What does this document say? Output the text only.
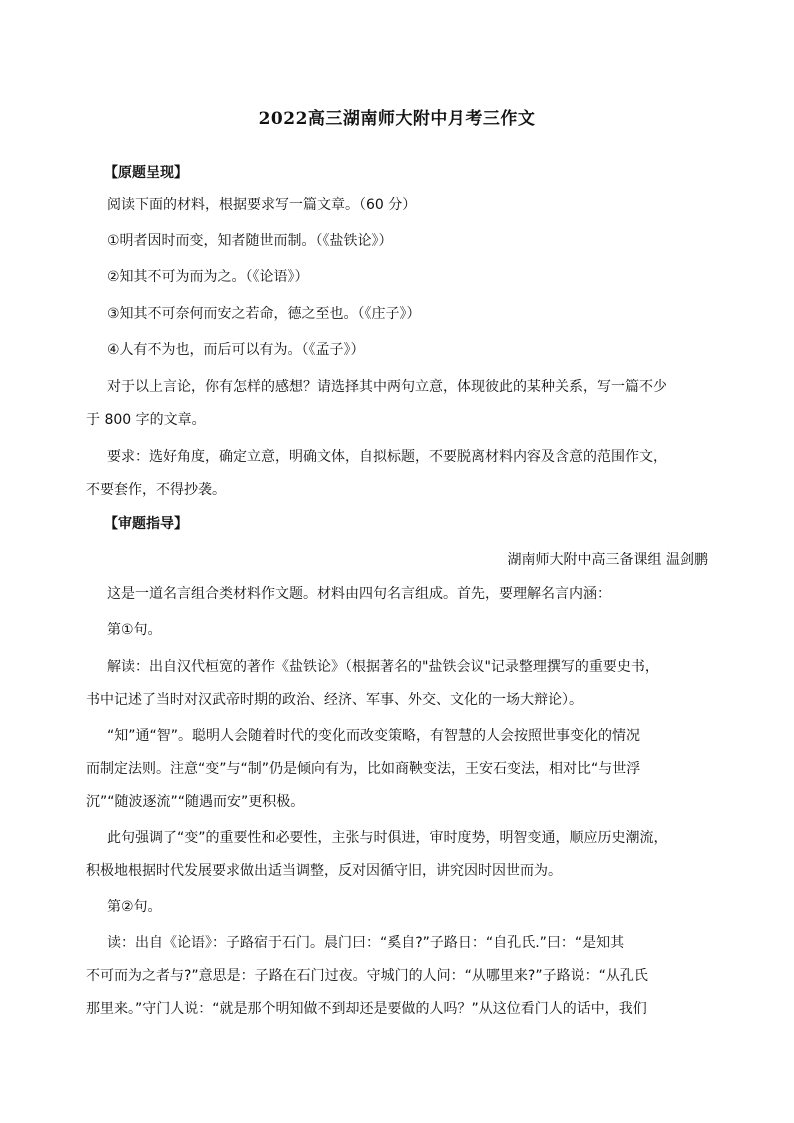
2022高三湖南师大附中月考三作文
【原题呈现】
阅读下面的材料，根据要求写一篇文章。（60 分）
①明者因时而变，知者随世而制。（《盐铁论》）
②知其不可为而为之。（《论语》）
③知其不可奈何而安之若命，德之至也。（《庄子》）
④人有不为也，而后可以有为。（《孟子》）
对于以上言论，你有怎样的感想？请选择其中两句立意，体现彼此的某种关系，写一篇不少
于 800 字的文章。
要求：选好角度，确定立意，明确文体，自拟标题，不要脱离材料内容及含意的范围作文，
不要套作，不得抄袭。
【审题指导】
湖南师大附中高三备课组 温剑鹏
这是一道名言组合类材料作文题。材料由四句名言组成。首先，要理解名言内涵：
第①句。
解读：出自汉代桓宽的著作《盐铁论》（根据著名的"盐铁会议"记录整理撰写的重要史书，
书中记述了当时对汉武帝时期的政治、经济、军事、外交、文化的一场大辩论）。
“知”通“智”。聪明人会随着时代的变化而改变策略，有智慧的人会按照世事变化的情况
而制定法则。注意“变”与“制”仍是倾向有为，比如商鞅变法，王安石变法，相对比“与世浮
沉”“随波逐流”“随遇而安”更积极。
此句强调了“变”的重要性和必要性，主张与时俱进，审时度势，明智变通，顺应历史潮流，
积极地根据时代发展要求做出适当调整，反对因循守旧，讲究因时因世而为。
第②句。
读：出自《论语》：子路宿于石门。晨门曰：“奚自?”子路日：“自孔氏.”曰：“是知其
不可而为之者与?”意思是：子路在石门过夜。守城门的人问：“从哪里来?”子路说：“从孔氏
那里来。”守门人说：“就是那个明知做不到却还是要做的人吗？”从这位看门人的话中，我们
